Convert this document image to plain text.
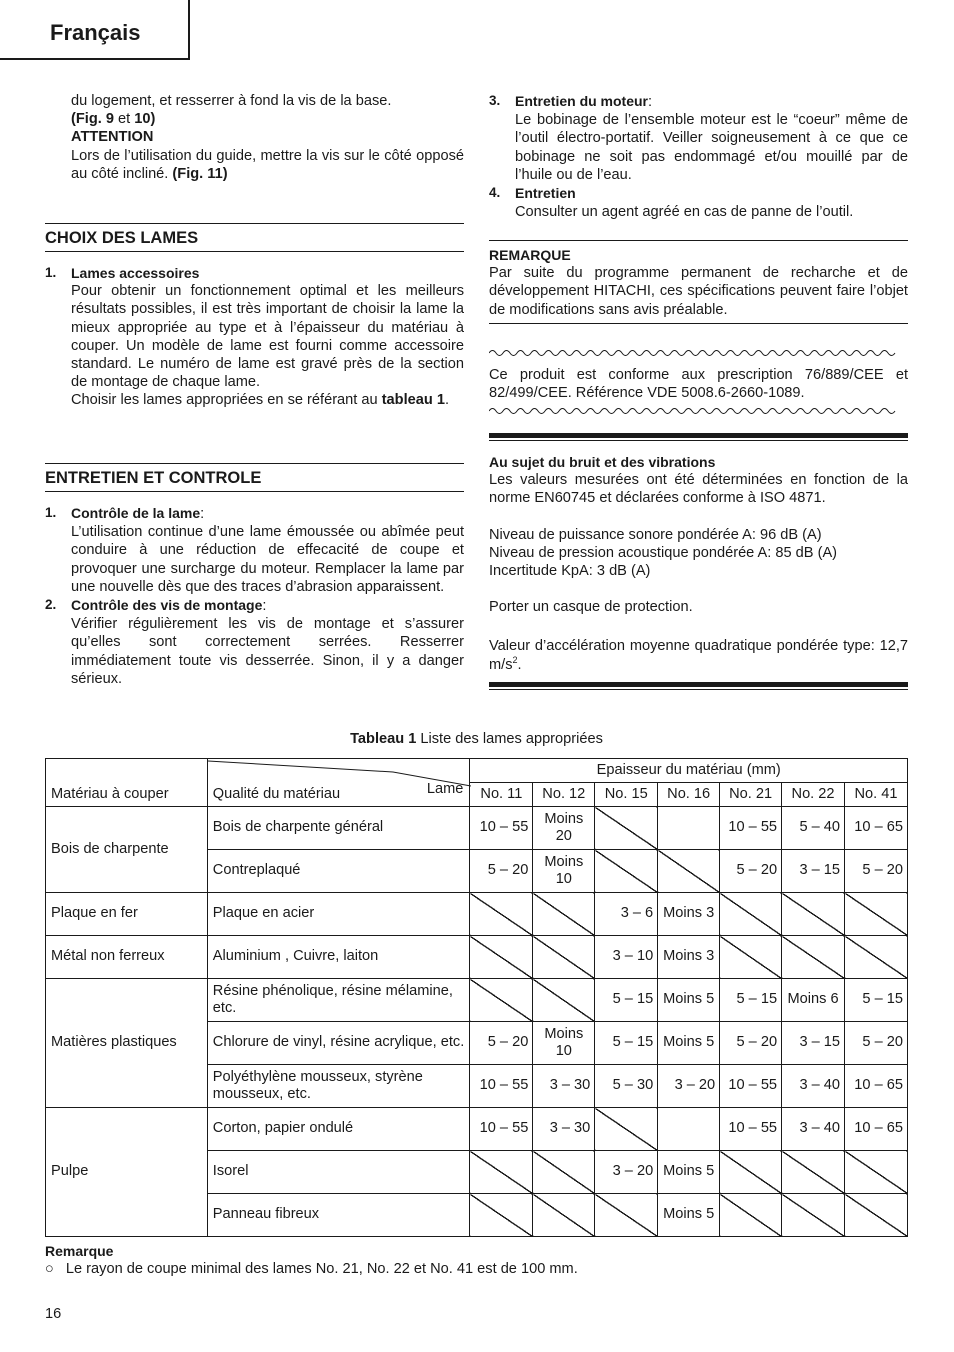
Français
du logement, et resserrer à fond la vis de la base.
(Fig. 9 et 10)
ATTENTION
Lors de l’utilisation du guide, mettre la vis sur le côté opposé au côté incliné. (Fig. 11)
CHOIX DES LAMES
1. Lames accessoires
Pour obtenir un fonctionnement optimal et les meilleurs résultats possibles, il est très important de choisir la lame la mieux appropriée au type et à l’épaisseur du matériau à couper. Un modèle de lame est fourni comme accessoire standard. Le numéro de lame est gravé près de la section de montage de chaque lame.
Choisir les lames appropriées en se référant au tableau 1.
ENTRETIEN ET CONTROLE
1. Contrôle de la lame:
L’utilisation continue d’une lame émoussée ou abîmée peut conduire à une réduction de effecacité de coupe et provoquer une surcharge du moteur. Remplacer la lame par une nouvelle dès que des traces d’abrasion apparaissent.
2. Contrôle des vis de montage:
Vérifier régulièrement les vis de montage et s’assurer qu’elles sont correctement serrées. Resserrer immédiatement toute vis desserrée. Sinon, il y a danger sérieux.
3. Entretien du moteur:
Le bobinage de l’ensemble moteur est le “coeur” même de l’outil électro-portatif. Veiller soigneusement à ce que ce bobinage ne soit pas endommagé et/ou mouillé par de l’huile ou de l’eau.
4. Entretien
Consulter un agent agréé en cas de panne de l’outil.
REMARQUE
Par suite du programme permanent de recharche et de développement HITACHI, ces spécifications peuvent faire l’objet de modifications sans avis préalable.
Ce produit est conforme aux prescription 76/889/CEE et 82/499/CEE. Référence VDE 5008.6-2660-1089.
Au sujet du bruit et des vibrations
Les valeurs mesurées ont été déterminées en fonction de la norme EN60745 et déclarées conforme à ISO 4871.
Niveau de puissance sonore pondérée A: 96 dB (A)
Niveau de pression acoustique pondérée A: 85 dB (A)
Incertitude KpA: 3 dB (A)
Porter un casque de protection.
Valeur d’accélération moyenne quadratique pondérée type: 12,7 $m/s^2$.
Tableau 1 Liste des lames appropriées
Matériau à couper	Qualité du matériau Lame	Epaisseur du matériau (mm)						
		No. 11	No. 12	No. 15	No. 16	No. 21	No. 22	No. 41
Bois de charpente	Bois de charpente général	10 – 55	Moins 20			10 – 55	5 – 40	10 – 65
	Contreplaqué	5 – 20	Moins 10			5 – 20	3 – 15	5 – 20
Plaque en fer	Plaque en acier			3 – 6	Moins 3			
Métal non ferreux	Aluminium , Cuivre, laiton			3 – 10	Moins 3			
Matières plastiques	Résine phénolique, résine mélamine, etc.			5 – 15	Moins 5	5 – 15	Moins 6	5 – 15
	Chlorure de vinyl, résine acrylique, etc.	5 – 20	Moins 10	5 – 15	Moins 5	5 – 20	3 – 15	5 – 20
	Polyéthylène mousseux, styrène mousseux, etc.	10 – 55	3 – 30	5 – 30	3 – 20	10 – 55	3 – 40	10 – 65
Pulpe	Corton, papier ondulé	10 – 55	3 – 30			10 – 55	3 – 40	10 – 65
	Isorel			3 – 20	Moins 5			
	Panneau fibreux				Moins 5			
Remarque
○ Le rayon de coupe minimal des lames No. 21, No. 22 et No. 41 est de 100 mm.
16
